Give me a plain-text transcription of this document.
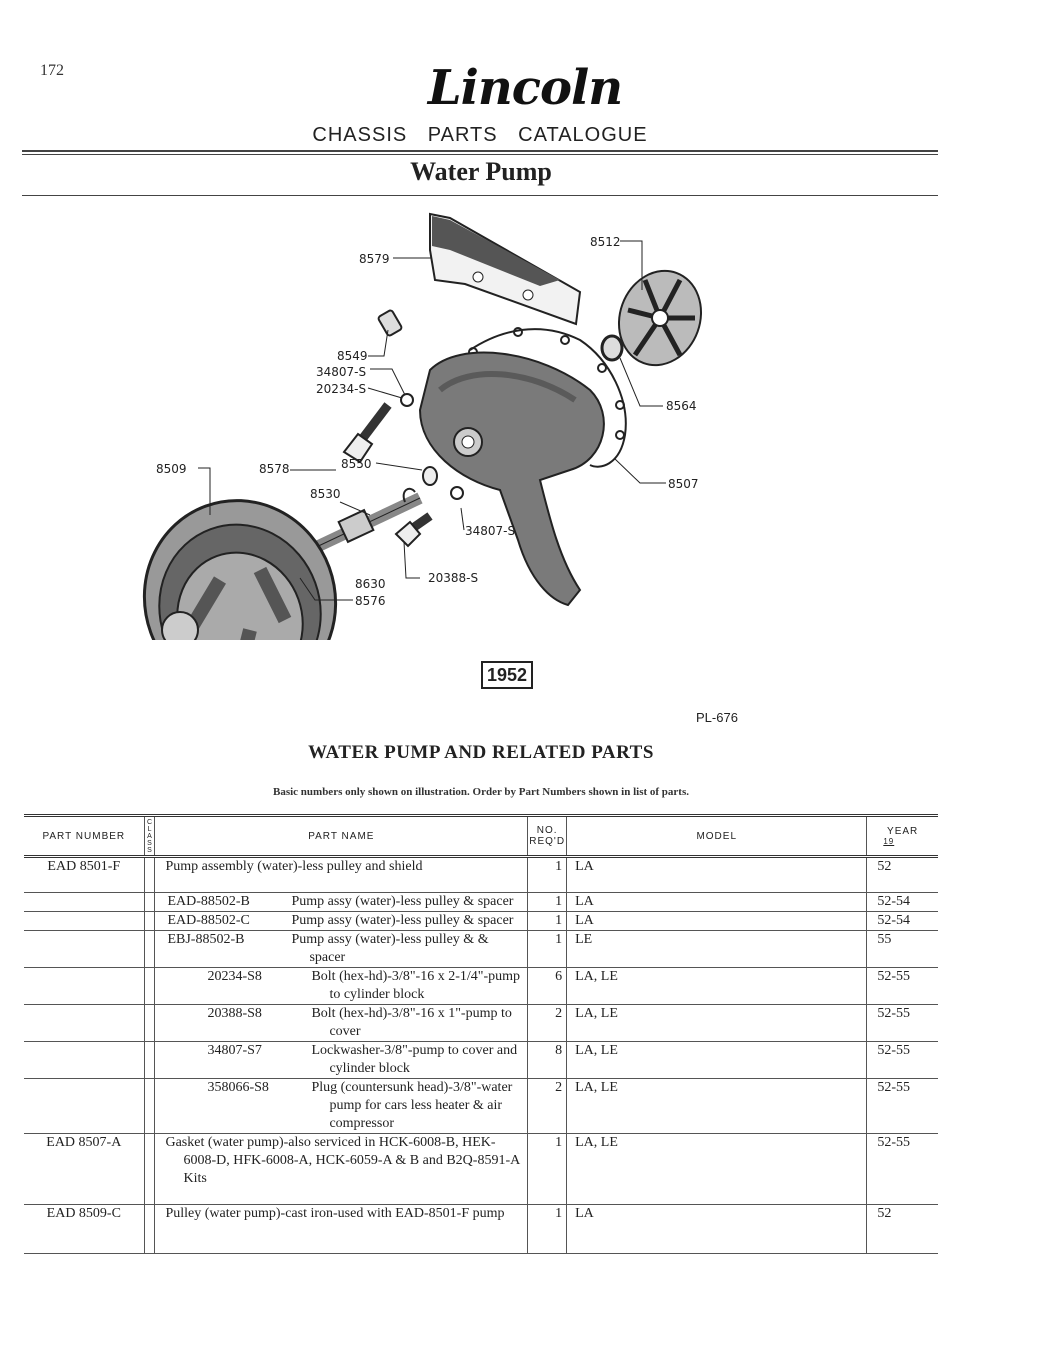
172	Lincoln
CHASSIS PARTS CATALOGUE
Water Pump
8579
8512
8549
34807-S
20234-S
8564
8509	8578	8550
8530
8507
34807-S
8630	20388-S
8576
1952
PL-676
WATER PUMP AND RELATED PARTS
Basic numbers only shown on illustration. Order by Part Numbers shown in list of parts.
PART NUMBER	CLASS	PART NAME	NO. REQ'D	MODEL	YEAR
19

EAD 8501-F		Pump assembly (water)-less pulley and shield	1	LA	52

		EAD-88502-B Pump assy (water)-less pulley & spacer	1	LA	52-54

		EAD-88502-C Pump assy (water)-less pulley & spacer	1	LA	52-54

		EBJ-88502-B Pump assy (water)-less pulley & & spacer	1	LE	55

		20234-S8 Bolt (hex-hd)-3/8"-16 x 2-1/4"-pump to cylinder block	6	LA, LE	52-55

		20388-S8 Bolt (hex-hd)-3/8"-16 x 1"-pump to cover	2	LA, LE	52-55

		34807-S7 Lockwasher-3/8"-pump to cover and cylinder block	8	LA, LE	52-55

		358066-S8 Plug (countersunk head)-3/8"-water pump for cars less heater & air compressor	2	LA, LE	52-55
EAD 8507-A		Gasket (water pump)-also serviced in HCK-6008-B, HEK-6008-D, HFK-6008-A, HCK-6059-A & B and B2Q-8591-A Kits	1	LA, LE	52-55
EAD 8509-C		Pulley (water pump)-cast iron-used with EAD-8501-F pump	1	LA	52
